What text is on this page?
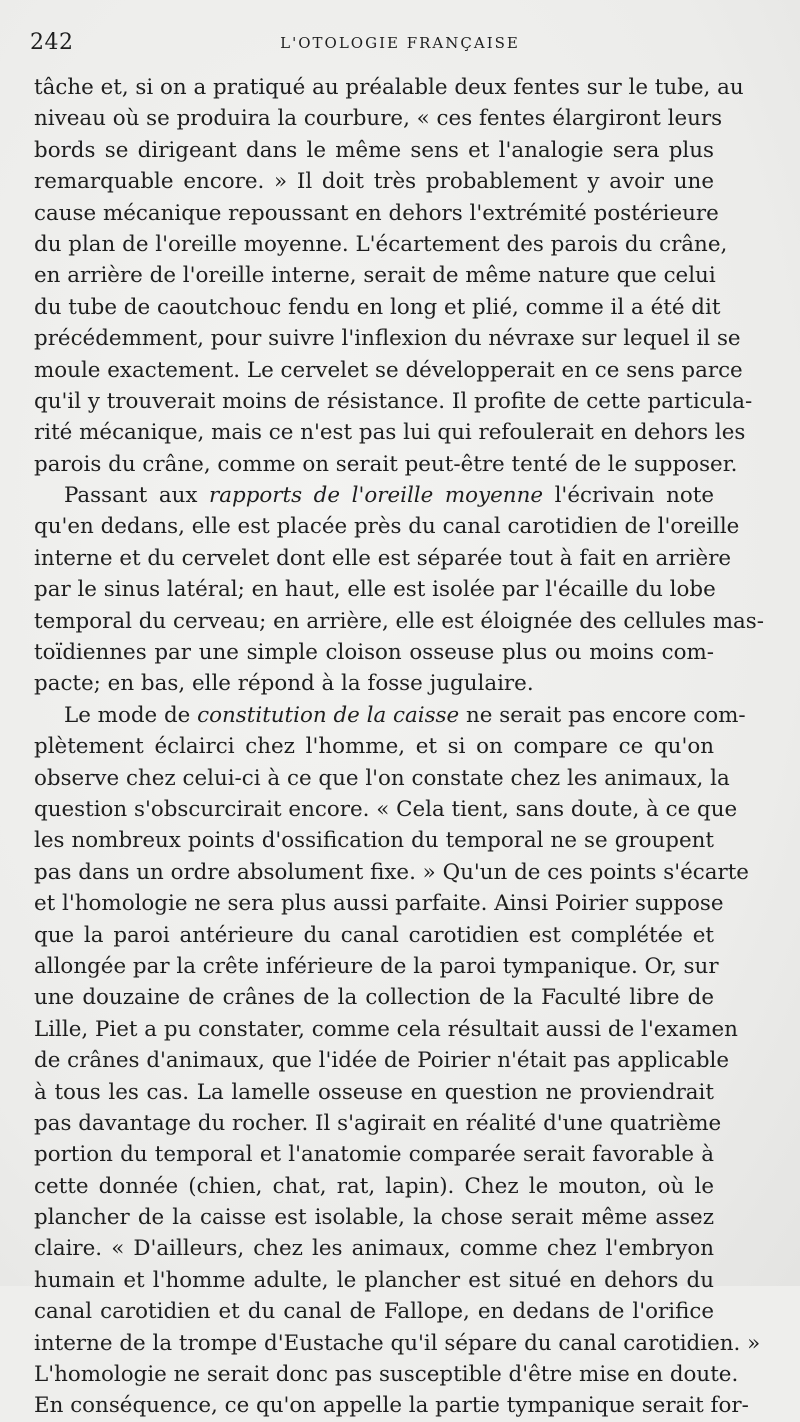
242	L'OTOLOGIE FRANÇAISE
tâche et, si on a pratiqué au préalable deux fentes sur le tube, au
niveau où se produira la courbure, « ces fentes élargiront leurs
bords se dirigeant dans le même sens et l'analogie sera plus
remarquable encore. » Il doit très probablement y avoir une
cause mécanique repoussant en dehors l'extrémité postérieure
du plan de l'oreille moyenne. L'écartement des parois du crâne,
en arrière de l'oreille interne, serait de même nature que celui
du tube de caoutchouc fendu en long et plié, comme il a été dit
précédemment, pour suivre l'inflexion du névraxe sur lequel il se
moule exactement. Le cervelet se développerait en ce sens parce
qu'il y trouverait moins de résistance. Il profite de cette particula-
rité mécanique, mais ce n'est pas lui qui refoulerait en dehors les
parois du crâne, comme on serait peut-être tenté de le supposer.
Passant aux rapports de l'oreille moyenne l'écrivain note
qu'en dedans, elle est placée près du canal carotidien de l'oreille
interne et du cervelet dont elle est séparée tout à fait en arrière
par le sinus latéral; en haut, elle est isolée par l'écaille du lobe
temporal du cerveau; en arrière, elle est éloignée des cellules mas-
toïdiennes par une simple cloison osseuse plus ou moins com-
pacte; en bas, elle répond à la fosse jugulaire.
Le mode de constitution de la caisse ne serait pas encore com-
plètement éclairci chez l'homme, et si on compare ce qu'on
observe chez celui-ci à ce que l'on constate chez les animaux, la
question s'obscurcirait encore. « Cela tient, sans doute, à ce que
les nombreux points d'ossification du temporal ne se groupent
pas dans un ordre absolument fixe. » Qu'un de ces points s'écarte
et l'homologie ne sera plus aussi parfaite. Ainsi Poirier suppose
que la paroi antérieure du canal carotidien est complétée et
allongée par la crête inférieure de la paroi tympanique. Or, sur
une douzaine de crânes de la collection de la Faculté libre de
Lille, Piet a pu constater, comme cela résultait aussi de l'examen
de crânes d'animaux, que l'idée de Poirier n'était pas applicable
à tous les cas. La lamelle osseuse en question ne proviendrait
pas davantage du rocher. Il s'agirait en réalité d'une quatrième
portion du temporal et l'anatomie comparée serait favorable à
cette donnée (chien, chat, rat, lapin). Chez le mouton, où le
plancher de la caisse est isolable, la chose serait même assez
claire. « D'ailleurs, chez les animaux, comme chez l'embryon
humain et l'homme adulte, le plancher est situé en dehors du
canal carotidien et du canal de Fallope, en dedans de l'orifice
interne de la trompe d'Eustache qu'il sépare du canal carotidien. »
L'homologie ne serait donc pas susceptible d'être mise en doute.
En conséquence, ce qu'on appelle la partie tympanique serait for-
